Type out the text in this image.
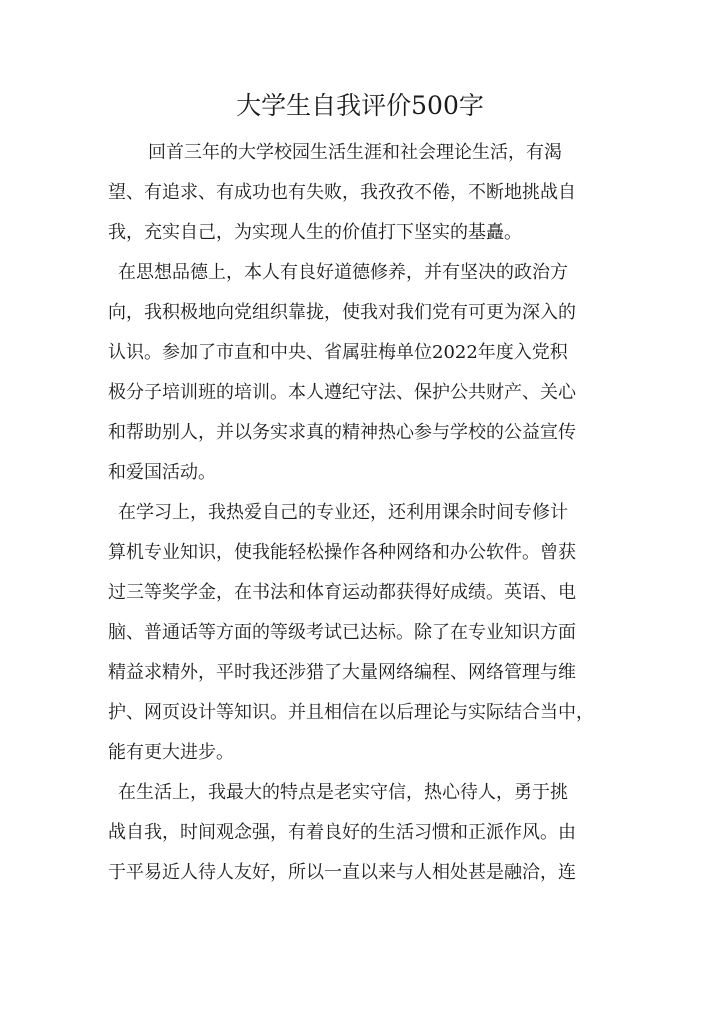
大学生自我评价500字
回首三年的大学校园生活生涯和社会理论生活，有渴
望、有追求、有成功也有失败，我孜孜不倦，不断地挑战自
我，充实自己，为实现人生的价值打下坚实的基矗。
在思想品德上，本人有良好道德修养，并有坚决的政治方
向，我积极地向党组织靠拢，使我对我们党有可更为深入的
认识。参加了市直和中央、省属驻梅单位2022年度入党积
极分子培训班的培训。本人遵纪守法、保护公共财产、关心
和帮助别人，并以务实求真的精神热心参与学校的公益宣传
和爱国活动。
在学习上，我热爱自己的专业还，还利用课余时间专修计
算机专业知识，使我能轻松操作各种网络和办公软件。曾获
过三等奖学金，在书法和体育运动都获得好成绩。英语、电
脑、普通话等方面的等级考试已达标。除了在专业知识方面
精益求精外，平时我还涉猎了大量网络编程、网络管理与维
护、网页设计等知识。并且相信在以后理论与实际结合当中，
能有更大进步。
在生活上，我最大的特点是老实守信，热心待人，勇于挑
战自我，时间观念强，有着良好的生活习惯和正派作风。由
于平易近人待人友好，所以一直以来与人相处甚是融洽，连
